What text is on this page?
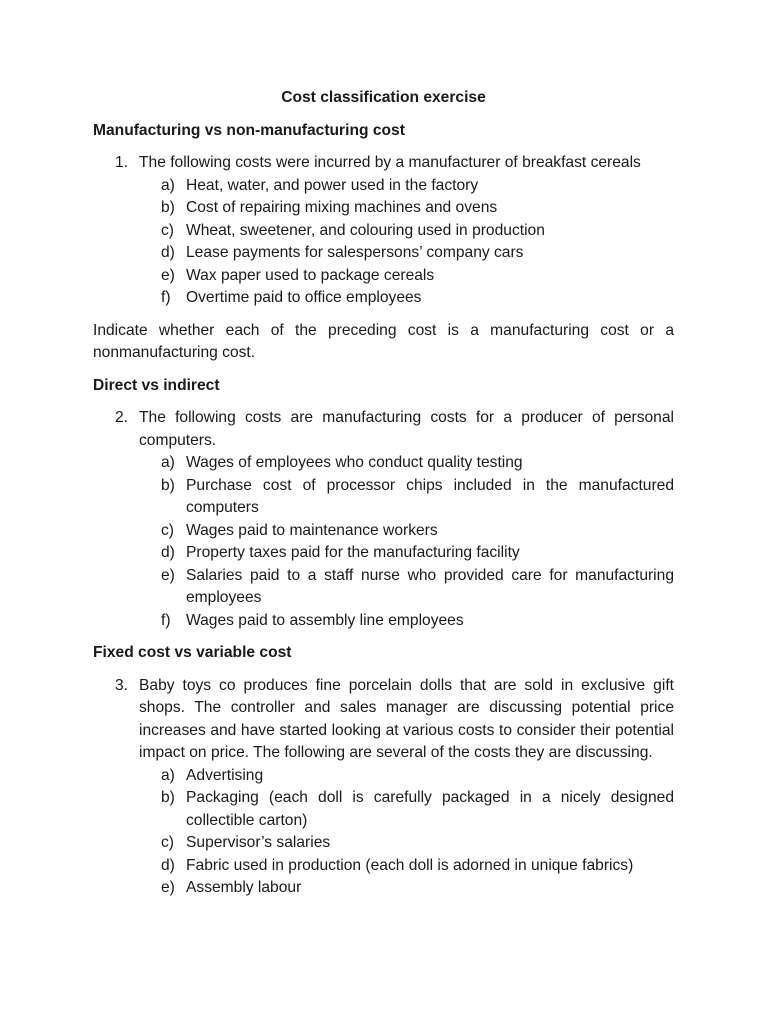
Cost classification exercise
Manufacturing vs non-manufacturing cost
1. The following costs were incurred by a manufacturer of breakfast cereals
a) Heat, water, and power used in the factory
b) Cost of repairing mixing machines and ovens
c) Wheat, sweetener, and colouring used in production
d) Lease payments for salespersons’ company cars
e) Wax paper used to package cereals
f) Overtime paid to office employees
Indicate whether each of the preceding cost is a manufacturing cost or a nonmanufacturing cost.
Direct vs indirect
2. The following costs are manufacturing costs for a producer of personal computers.
a) Wages of employees who conduct quality testing
b) Purchase cost of processor chips included in the manufactured computers
c) Wages paid to maintenance workers
d) Property taxes paid for the manufacturing facility
e) Salaries paid to a staff nurse who provided care for manufacturing employees
f) Wages paid to assembly line employees
Fixed cost vs variable cost
3. Baby toys co produces fine porcelain dolls that are sold in exclusive gift shops. The controller and sales manager are discussing potential price increases and have started looking at various costs to consider their potential impact on price. The following are several of the costs they are discussing.
a) Advertising
b) Packaging (each doll is carefully packaged in a nicely designed collectible carton)
c) Supervisor’s salaries
d) Fabric used in production (each doll is adorned in unique fabrics)
e) Assembly labour
